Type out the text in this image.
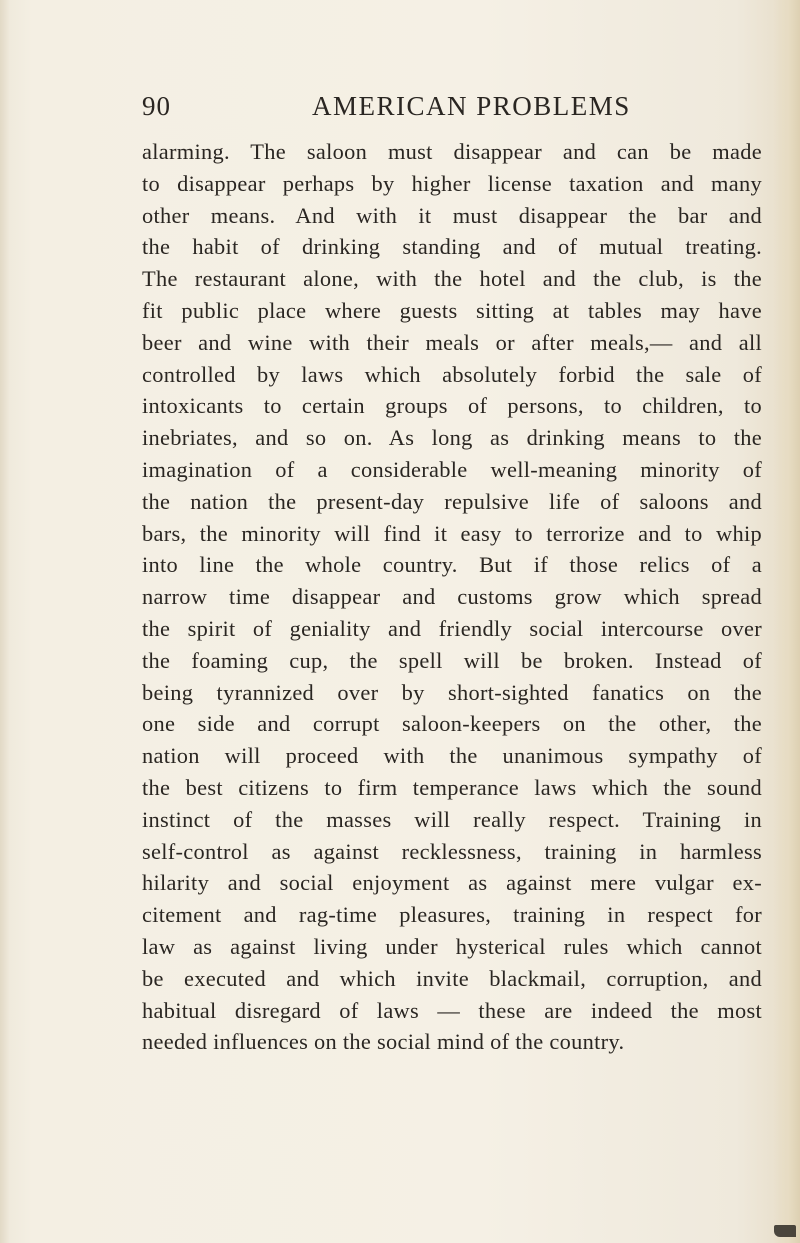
90	AMERICAN PROBLEMS
alarming. The saloon must disappear and can be made
to disappear perhaps by higher license taxation and many
other means. And with it must disappear the bar and
the habit of drinking standing and of mutual treating.
The restaurant alone, with the hotel and the club, is the
fit public place where guests sitting at tables may have
beer and wine with their meals or after meals,— and all
controlled by laws which absolutely forbid the sale of
intoxicants to certain groups of persons, to children, to
inebriates, and so on. As long as drinking means to the
imagination of a considerable well-meaning minority of
the nation the present-day repulsive life of saloons and
bars, the minority will find it easy to terrorize and to whip
into line the whole country. But if those relics of a
narrow time disappear and customs grow which spread
the spirit of geniality and friendly social intercourse over
the foaming cup, the spell will be broken. Instead of
being tyrannized over by short-sighted fanatics on the
one side and corrupt saloon-keepers on the other, the
nation will proceed with the unanimous sympathy of
the best citizens to firm temperance laws which the sound
instinct of the masses will really respect. Training in
self-control as against recklessness, training in harmless
hilarity and social enjoyment as against mere vulgar ex-
citement and rag-time pleasures, training in respect for
law as against living under hysterical rules which cannot
be executed and which invite blackmail, corruption, and
habitual disregard of laws — these are indeed the most
needed influences on the social mind of the country.
